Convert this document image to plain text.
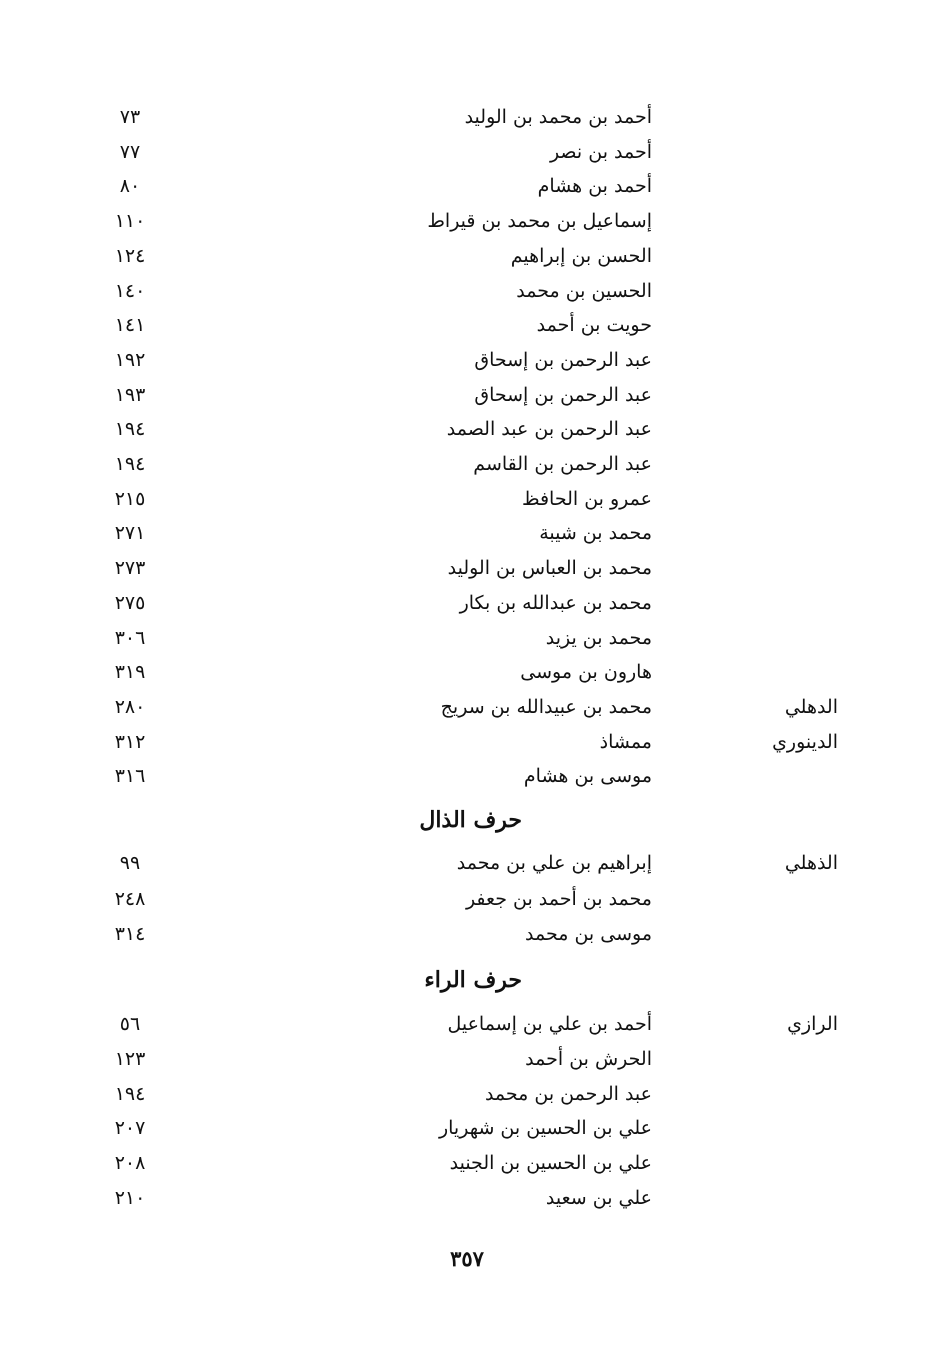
أحمد بن محمد بن الوليد
٧٣
أحمد بن نصر
٧٧
أحمد بن هشام
٨٠
إسماعيل بن محمد بن قيراط
١١٠
الحسن بن إبراهيم
١٢٤
الحسين بن محمد
١٤٠
حويت بن أحمد
١٤١
عبد الرحمن بن إسحاق
١٩٢
عبد الرحمن بن إسحاق
١٩٣
عبد الرحمن بن عبد الصمد
١٩٤
عبد الرحمن بن القاسم
١٩٤
عمرو بن الحافظ
٢١٥
محمد بن شيبة
٢٧١
محمد بن العباس بن الوليد
٢٧٣
محمد بن عبدالله بن بكار
٢٧٥
محمد بن يزيد
٣٠٦
هارون بن موسى
٣١٩
الدهلي
محمد بن عبيدالله بن سريج
٢٨٠
الدينوري
ممشاذ
٣١٢
موسى بن هشام
٣١٦
حرف الذال
الذهلي
إبراهيم بن علي بن محمد
٩٩
محمد بن أحمد بن جعفر
٢٤٨
موسى بن محمد
٣١٤
حرف الراء
الرازي
أحمد بن علي بن إسماعيل
٥٦
الحرش بن أحمد
١٢٣
عبد الرحمن بن محمد
١٩٤
علي بن الحسين بن شهريار
٢٠٧
علي بن الحسين بن الجنيد
٢٠٨
علي بن سعيد
٢١٠
٣٥٧
